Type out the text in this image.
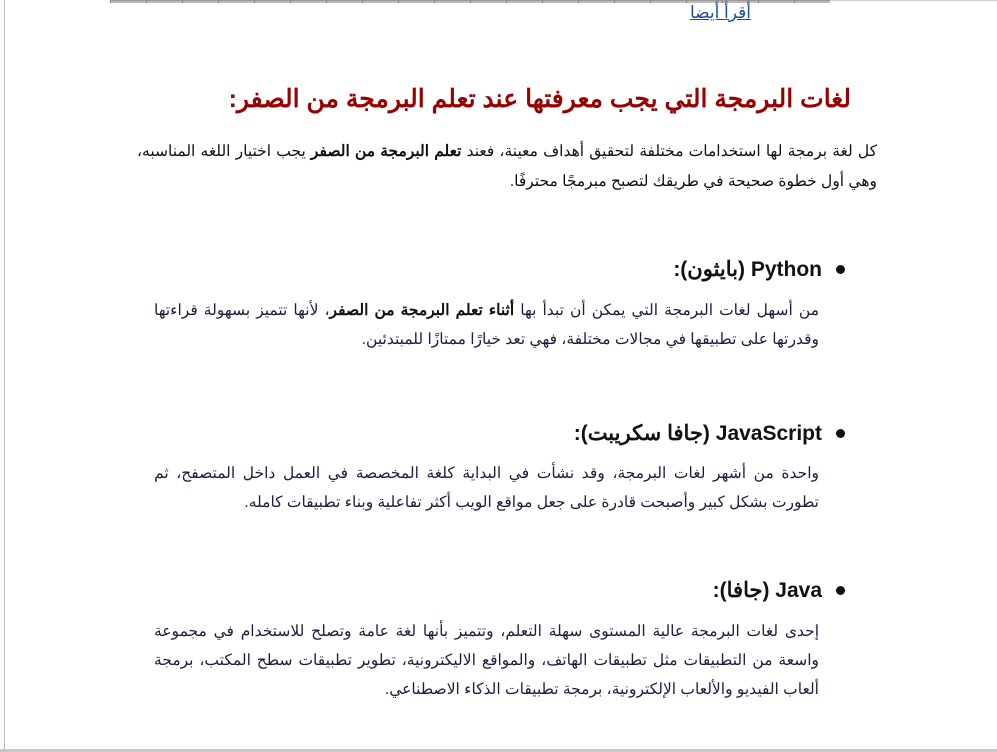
أقرأ أيضا
لغات البرمجة التي يجب معرفتها عند تعلم البرمجة من الصفر:

كل لغة برمجة لها استخدامات مختلفة لتحقيق أهداف معينة، فعند تعلم البرمجة من الصفر يجب اختيار اللغه المناسبه، وهي أول خطوة صحيحة في طريقك لتصبح مبرمجًا محترفًا.

Python (بايثون):

من أسهل لغات البرمجة التي يمكن أن تبدأ بها أثناء تعلم البرمجة من الصفر، لأنها تتميز بسهولة قراءتها وقدرتها على تطبيقها في مجالات مختلفة، فهي تعد خيارًا ممتازًا للمبتدئين.

JavaScript (جافا سكريبت):

واحدة من أشهر لغات البرمجة، وقد نشأت في البداية كلغة المخصصة في العمل داخل المتصفح، ثم تطورت بشكل كبير وأصبحت قادرة على جعل مواقع الويب أكثر تفاعلية وبناء تطبيقات كامله.

Java (جافا):

إحدى لغات البرمجة عالية المستوى سهلة التعلم، وتتميز بأنها لغة عامة وتصلح للاستخدام في مجموعة واسعة من التطبيقات مثل تطبيقات الهاتف، والمواقع الاليكترونية، تطوير تطبيقات سطح المكتب، برمجة ألعاب الفيديو والألعاب الإلكترونية، برمجة تطبيقات الذكاء الاصطناعي.
